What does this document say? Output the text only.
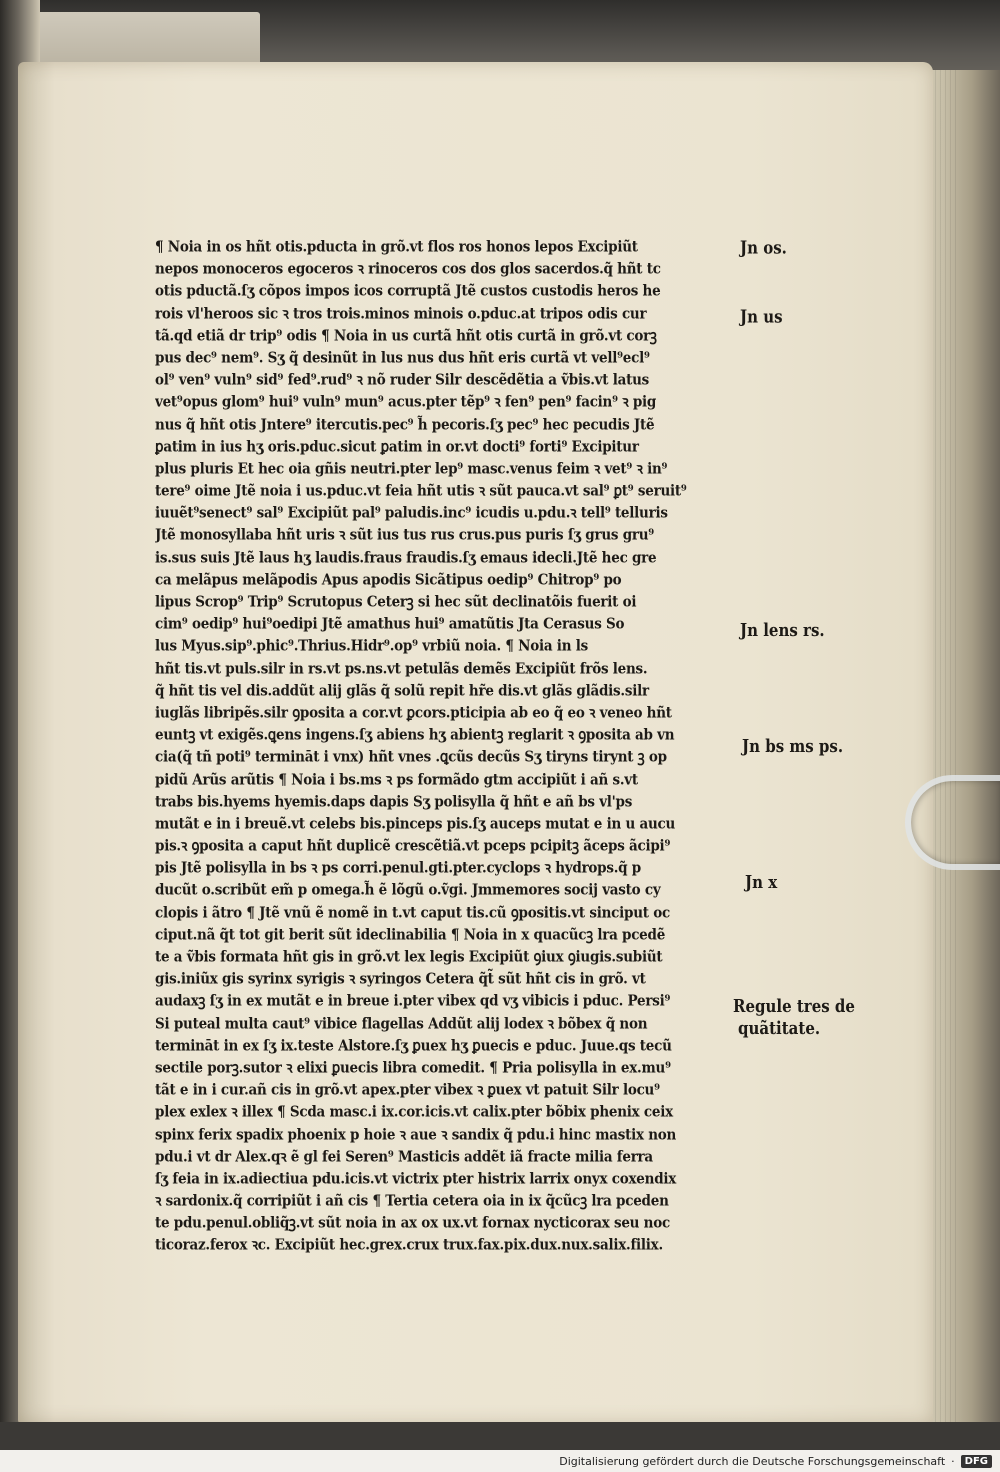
¶ Noia in os hñt otis.pducta in grõ.vt flos ros honos lepos Excipiũt
nepos monoceros egoceros ꝛ rinoceros cos dos glos sacerdos.q̃ hñt tc
otis pductã.ſʒ cõpos impos icos corruptã Jtẽ custos custodis heros he
rois vl'heroos sic ꝛ tros trois.minos minois o.pduc.at tripos odis cur
tã.qd etiã dr trip⁹ odis ¶ Noia in us curtã hñt otis curtã in grõ.vt corꝫ
pus dec⁹ nem⁹. Sʒ q̃ desinũt in lus nus dus hñt eris curtã vt vell⁹ecl⁹
ol⁹ ven⁹ vuln⁹ sid⁹ fed⁹.rud⁹ ꝛ nõ ruder Silr descẽdẽtia a ṽbis.vt latus
vet⁹opus glom⁹ hui⁹ vuln⁹ mun⁹ acus.pter tẽp⁹ ꝛ fen⁹ pen⁹ facin⁹ ꝛ pig
nus q̃ hñt otis Jntere⁹ itercutis.pec⁹ h̃ pecoris.ſʒ pec⁹ hec pecudis Jtẽ
ꝑatim in ius hʒ oris.pduc.sicut ꝑatim in or.vt docti⁹ forti⁹ Excipitur
plus pluris Et hec oia gñis neutri.pter lep⁹ masc.venus feim ꝛ vet⁹ ꝛ in⁹
tere⁹ oime Jtẽ noia i us.pduc.vt feia hñt utis ꝛ sũt pauca.vt sal⁹ ꝑt⁹ seruit⁹
iuuẽt⁹senect⁹ sal⁹ Excipiũt pal⁹ paludis.inc⁹ icudis u.pdu.ꝛ tell⁹ telluris
Jtẽ monosyllaba hñt uris ꝛ sũt ius tus rus crus.pus puris ſʒ grus gru⁹
is.sus suis Jtẽ laus hʒ laudis.fraus fraudis.ſʒ emaus idecli.Jtẽ hec gre
ca melãpus melãpodis Apus apodis Sicãtipus oedip⁹ Chitrop⁹ po
lipus Scrop⁹ Trip⁹ Scrutopus Ceterꝫ si hec sũt declinatõis fuerit oi
cim⁹ oedip⁹ hui⁹oedipi Jtẽ amathus hui⁹ amatũtis Jta Cerasus So
lus Myus.sip⁹.phic⁹.Thrius.Hidr⁹.op⁹ vrbiũ noia. ¶ Noia in ls
hñt tis.vt puls.silr in rs.vt ps.ns.vt petulãs demẽs Excipiũt frõs lens.
q̃ hñt tis vel dis.addũt alij glãs q̃ solũ repit hr̃e dis.vt glãs glãdis.silr
iuglãs libripẽs.silr ꝯposita a cor.vt ꝑcors.pticipia ab eo q̃ eo ꝛ veneo hñt
euntꝫ vt exigẽs.ꝗens ingens.ſʒ abiens hʒ abientꝫ reglarit ꝛ ꝯposita ab vn
cia(q̃ tñ poti⁹ termināt i vnx) hñt vnes .ꝗcũs decũs Sʒ tiryns tirynt ꝫ op
pidũ Arũs arũtis ¶ Noia i bs.ms ꝛ ps formãdo gtm accipiũt i añ s.vt
trabs bis.hyems hyemis.daps dapis Sʒ polisylla q̃ hñt e añ bs vl'ps
mutãt e in i breuẽ.vt celebs bis.pinceps pis.ſʒ auceps mutat e in u aucu
pis.ꝛ ꝯposita a caput hñt duplicẽ crescẽtiã.vt pceps pcipitꝫ ãceps ãcipi⁹
pis Jtẽ polisylla in bs ꝛ ps corri.penul.gti.pter.cyclops ꝛ hydrops.q̃ p
ducũt o.scribũt em̃ p omega.h̃ ẽ lõgũ o.ṽgi. Jmmemores socij vasto cy
clopis i ãtro ¶ Jtẽ vnũ ẽ nomẽ in t.vt caput tis.cũ ꝯpositis.vt sinciput oc
ciput.nã q̃t tot git berit sũt ideclinabilia ¶ Noia in x quacũcꝫ lra pcedẽ
te a ṽbis formata hñt gis in grõ.vt lex legis Excipiũt ꝯiux ꝯiugis.subiũt
gis.iniũx gis syrinx syrigis ꝛ syringos Cetera q̃t̃ sũt hñt cis in grõ. vt
audaxꝫ ſʒ in ex mutãt e in breue i.pter vibex qd vʒ vibicis i pduc. Persi⁹
Si puteal multa caut⁹ vibice flagellas Addũt alij lodex ꝛ bõbex q̃ non
termināt in ex ſʒ ix.teste Alstore.ſʒ ꝑuex hʒ ꝑuecis e pduc. Juue.qs tecũ
sectile porꝫ.sutor ꝛ elixi ꝑuecis libra comedit. ¶ Pria polisylla in ex.mu⁹
tãt e in i cur.añ cis in grõ.vt apex.pter vibex ꝛ ꝑuex vt patuit Silr locu⁹
plex exlex ꝛ illex ¶ Scda masc.i ix.cor.icis.vt calix.pter bõbix phenix ceix
spinx ferix spadix phoenix p hoie ꝛ aue ꝛ sandix q̃ pdu.i hinc mastix non
pdu.i vt dr Alex.qꝛ ẽ gl fei Seren⁹ Masticis addẽt iã fracte milia ferra
ſʒ feia in ix.adiectiua pdu.icis.vt victrix pter histrix larrix onyx coxendix
ꝛ sardonix.q̃ corripiũt i añ cis ¶ Tertia cetera oia in ix q̃cũcꝫ lra pceden
te pdu.penul.obliq̃ꝫ.vt sũt noia in ax ox ux.vt fornax nycticorax seu noc
ticoraz.ferox ꝛc. Excipiũt hec.grex.crux trux.fax.pix.dux.nux.salix.filix.
Jn os.
Jn us
Jn lens rs.
Jn bs ms ps.
Jn x
Regule tres de
quãtitate.
Digitalisierung gefördert durch die Deutsche Forschungsgemeinschaft ·	DFG
